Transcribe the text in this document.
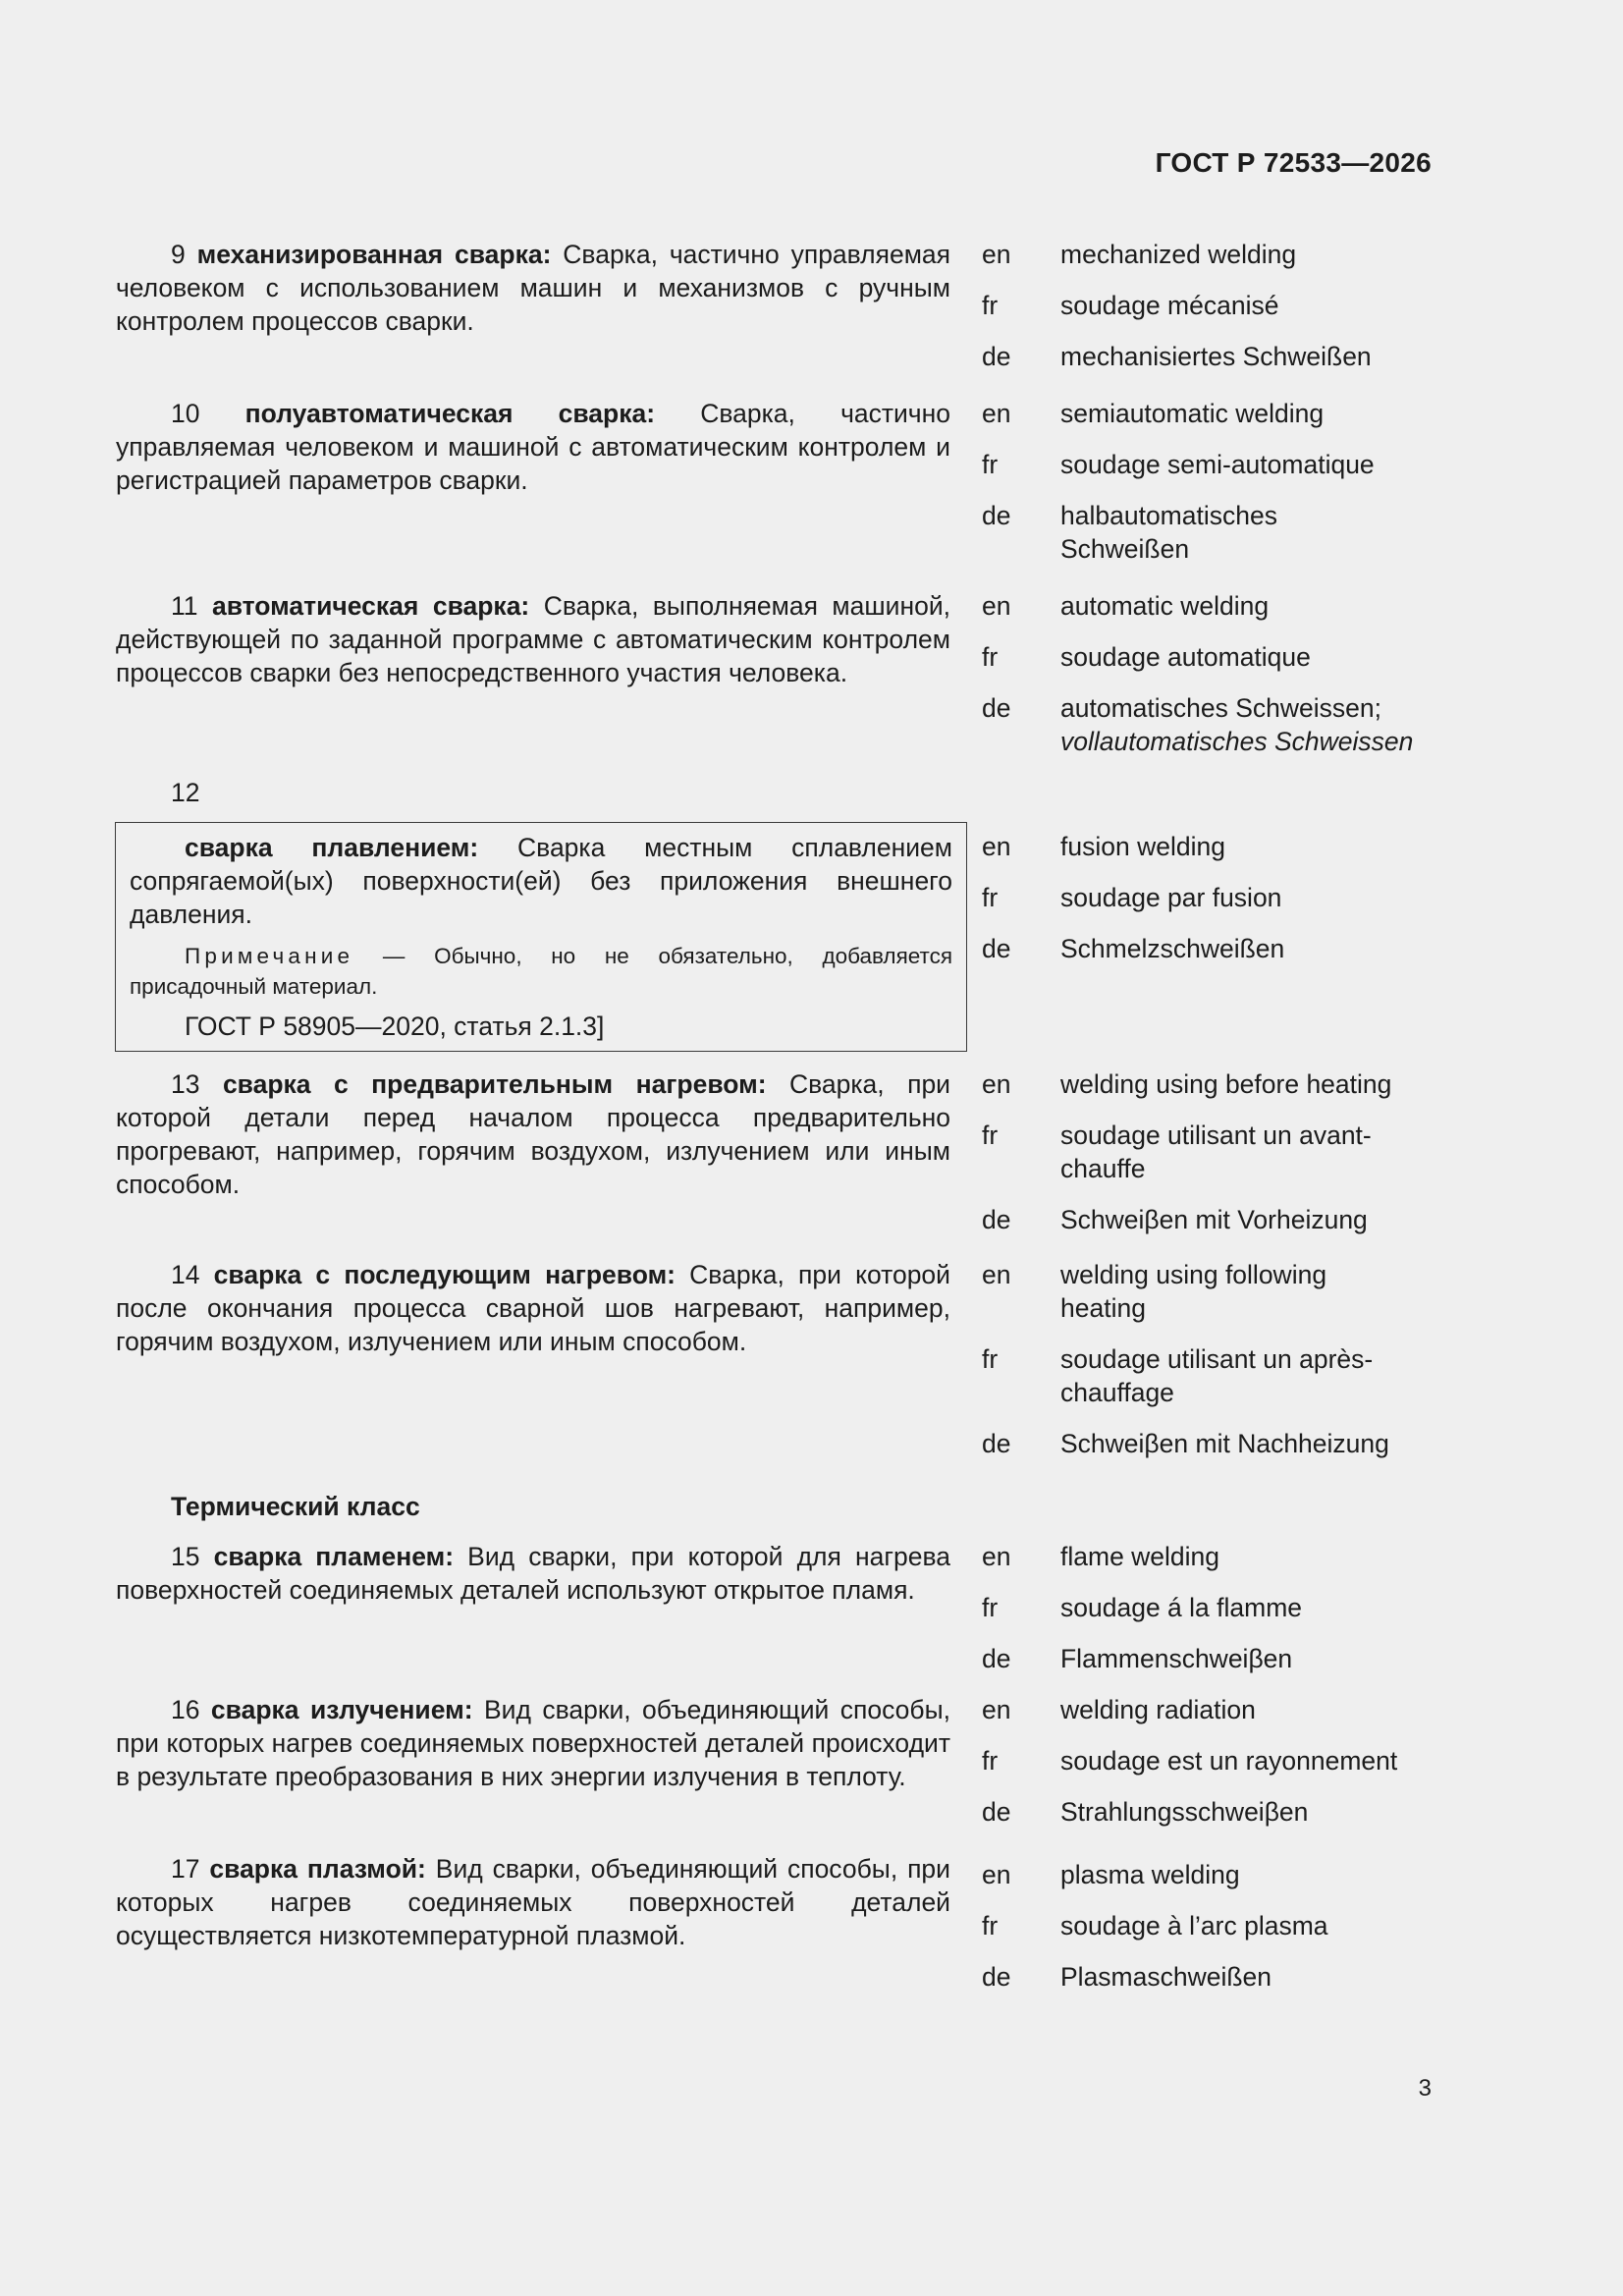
ГОСТ Р 72533—2026

9 механизированная сварка: Сварка, частично управляемая человеком с использованием машин и механизмов с ручным контролем процессов сварки.

en	mechanized welding
fr	soudage mécanisé
de	mechanisiertes Schweißen

10 полуавтоматическая сварка: Сварка, частично управляемая человеком и машиной с автоматическим контролем и регистрацией параметров сварки.

en	semiautomatic welding
fr	soudage semi-automatique
de	halbautomatisches Schweißen

11 автоматическая сварка: Сварка, выполняемая машиной, действующей по заданной программе с автоматическим контролем процессов сварки без непосредственного участия человека.

en	automatic welding
fr	soudage automatique
de	automatisches Schweissen;
vollautomatisches Schweissen
12

сварка плавлением: Сварка местным сплавлением сопрягаемой(ых) поверхности(ей) без приложения внешнего давления.

Примечание — Обычно, но не обязательно, добавляется присадочный материал.
ГОСТ Р 58905—2020, статья 2.1.3]
en	fusion welding
fr	soudage par fusion
de	Schmelzschweißen

13 сварка с предварительным нагревом: Сварка, при которой детали перед началом процесса предварительно прогревают, например, горячим воздухом, излучением или иным способом.

en	welding using before heating
fr	soudage utilisant un avant-chauffe
de	Schweiβen mit Vorheizung

14 сварка с последующим нагревом: Сварка, при которой после окончания процесса сварной шов нагревают, например, горячим воздухом, излучением или иным способом.

en	welding using following heating
fr	soudage utilisant un après-chauffage
de	Schweiβen mit Nachheizung
Термический класс

15 сварка пламенем: Вид сварки, при которой для нагрева поверхностей соединяемых деталей используют открытое пламя.

en	flame welding
fr	soudage á la flamme
de	Flammenschweiβen

16 сварка излучением: Вид сварки, объединяющий способы, при которых нагрев соединяемых поверхностей деталей происходит в результате преобразования в них энергии излучения в теплоту.

en	welding radiation
fr	soudage est un rayonnement
de	Strahlungsschweiβen

17 сварка плазмой: Вид сварки, объединяющий способы, при которых нагрев соединяемых поверхностей деталей осуществляется низкотемпературной плазмой.

en	plasma welding
fr	soudage à l’arc plasma
de	Plasmaschweißen
3
